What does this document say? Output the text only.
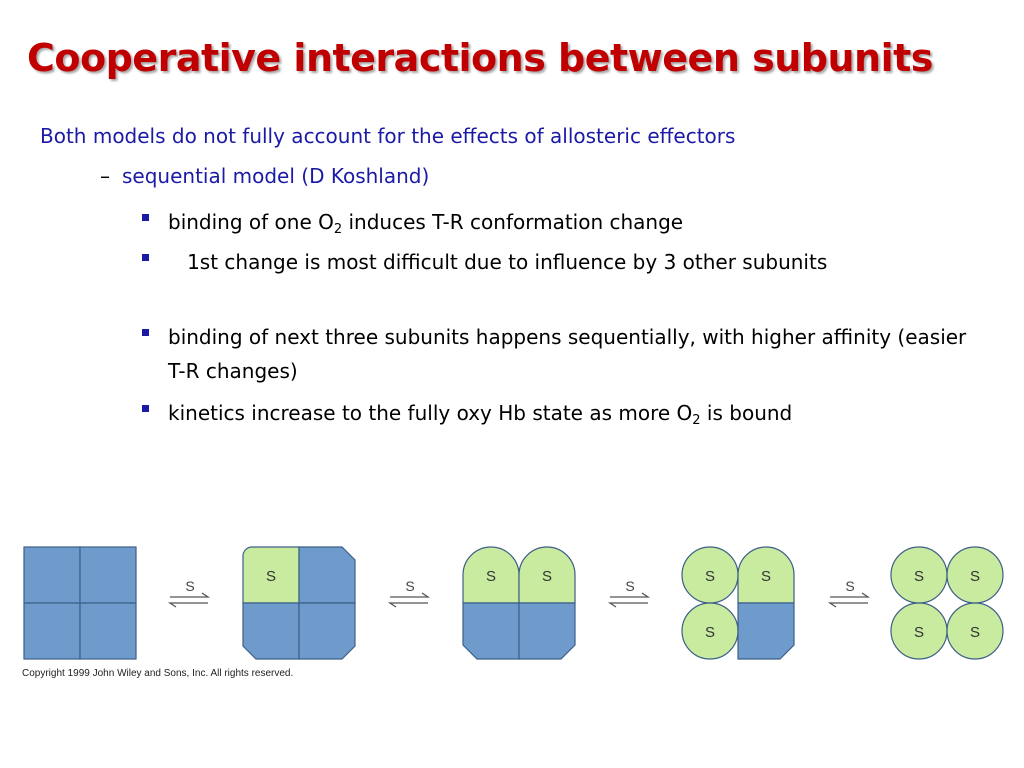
Cooperative interactions between subunits
Both models do not fully account for the effects of allosteric effectors
– sequential model (D Koshland)
binding of one $O_2$ induces T-R conformation change
1st change is most difficult due to influence by 3 other subunits
binding of next three subunits happens sequentially, with higher affinity (easier T-R changes)
kinetics increase to the fully oxy Hb state as more $O_2$ is bound
S
S
S
S	S
S
S	S
S
S
S	S
S	S
Copyright 1999 John Wiley and Sons, Inc. All rights reserved.
